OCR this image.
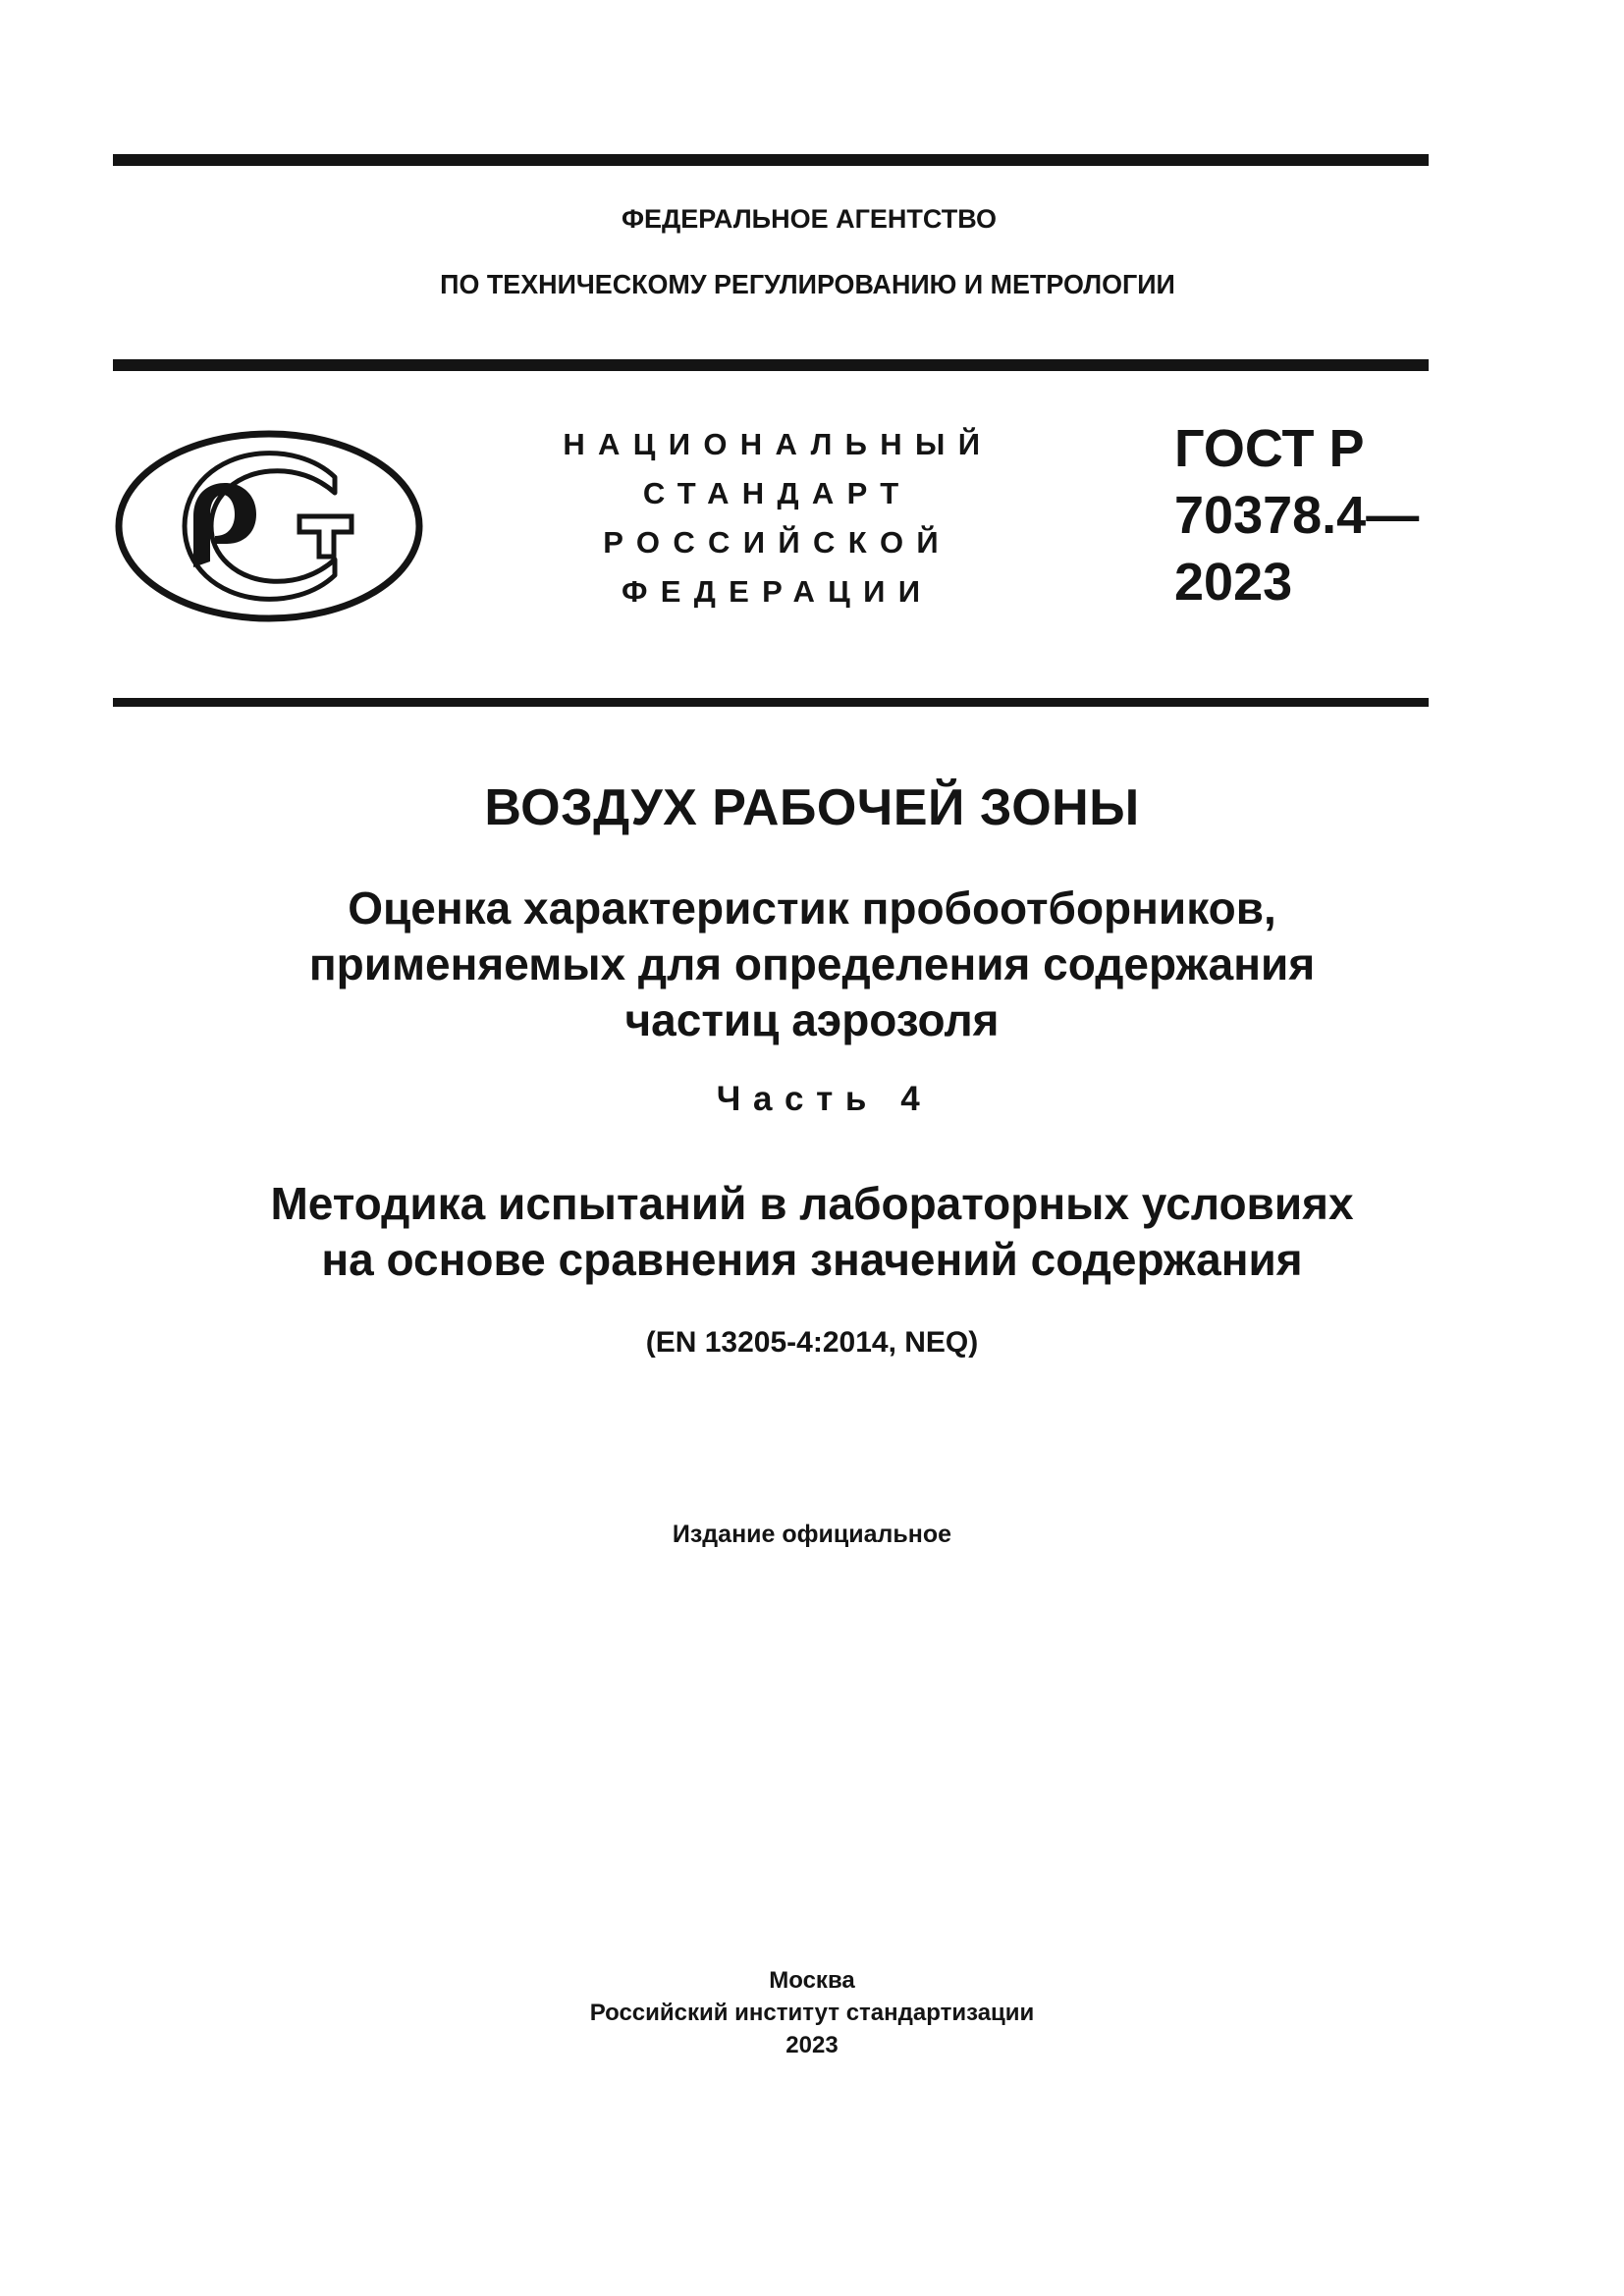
ФЕДЕРАЛЬНОЕ АГЕНТСТВО
ПО ТЕХНИЧЕСКОМУ РЕГУЛИРОВАНИЮ И МЕТРОЛОГИИ
НАЦИОНАЛЬНЫЙ
СТАНДАРТ
РОССИЙСКОЙ
ФЕДЕРАЦИИ
ГОСТ Р
70378.4—
2023
ВОЗДУХ РАБОЧЕЙ ЗОНЫ
Оценка характеристик пробоотборников,
применяемых для определения содержания
частиц аэрозоля
Часть 4
Методика испытаний в лабораторных условиях
на основе сравнения значений содержания
(EN 13205-4:2014, NEQ)
Издание официальное
Москва
Российский институт стандартизации
2023
